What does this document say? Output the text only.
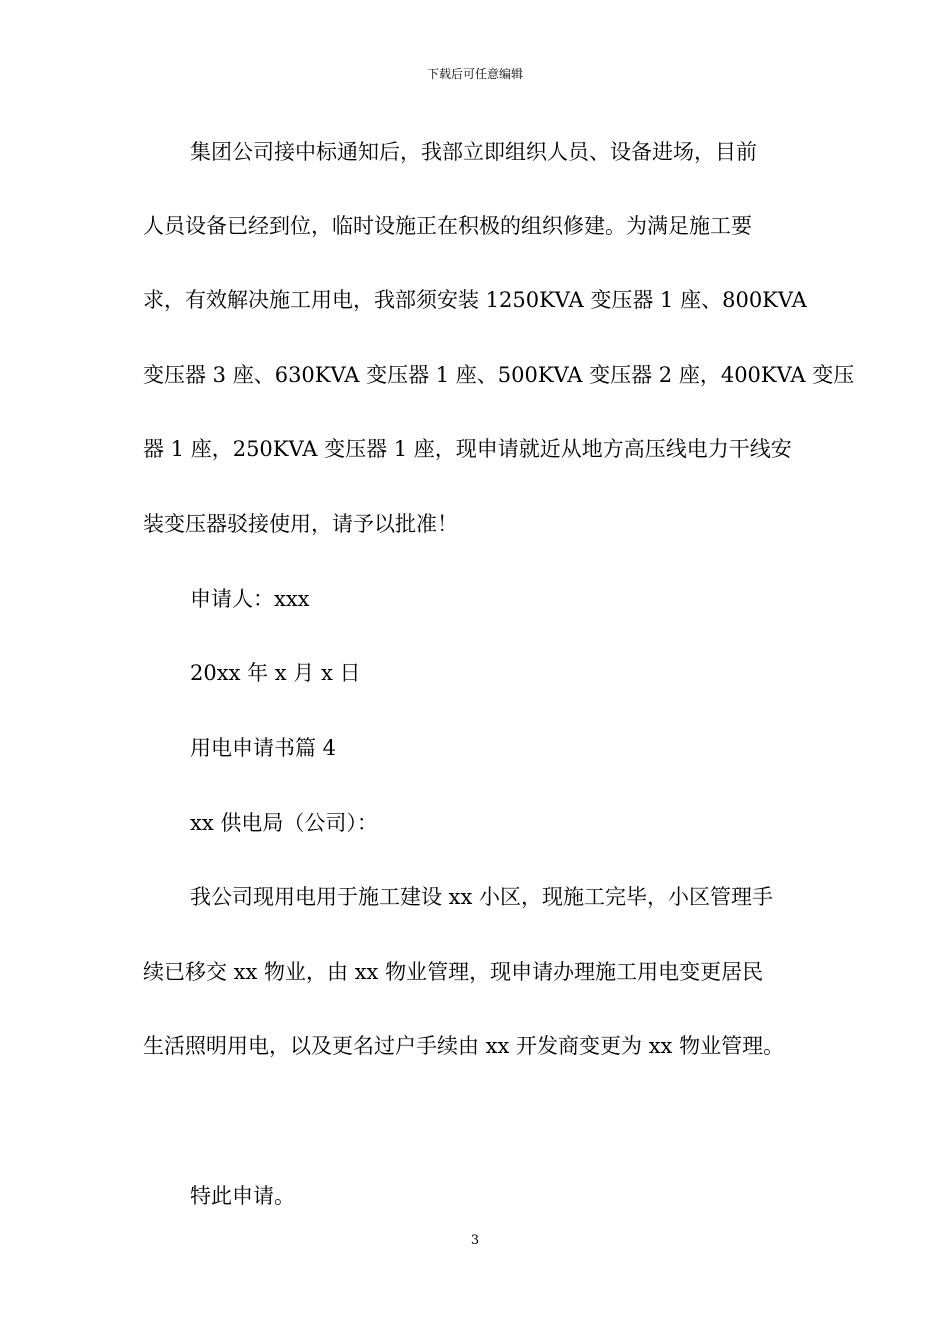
下载后可任意编辑
集团公司接中标通知后，我部立即组织人员、设备进场，目前
人员设备已经到位，临时设施正在积极的组织修建。为满足施工要
求，有效解决施工用电，我部须安装 1250KVA 变压器 1 座、800KVA
变压器 3 座、630KVA 变压器 1 座、500KVA 变压器 2 座，400KVA 变压
器 1 座，250KVA 变压器 1 座，现申请就近从地方高压线电力干线安
装变压器驳接使用，请予以批准！
申请人：xxx
20xx 年 x 月 x 日
用电申请书篇 4
xx 供电局（公司）：
我公司现用电用于施工建设 xx 小区，现施工完毕，小区管理手
续已移交 xx 物业，由 xx 物业管理，现申请办理施工用电变更居民
生活照明用电，以及更名过户手续由 xx 开发商变更为 xx 物业管理。
特此申请。
3
